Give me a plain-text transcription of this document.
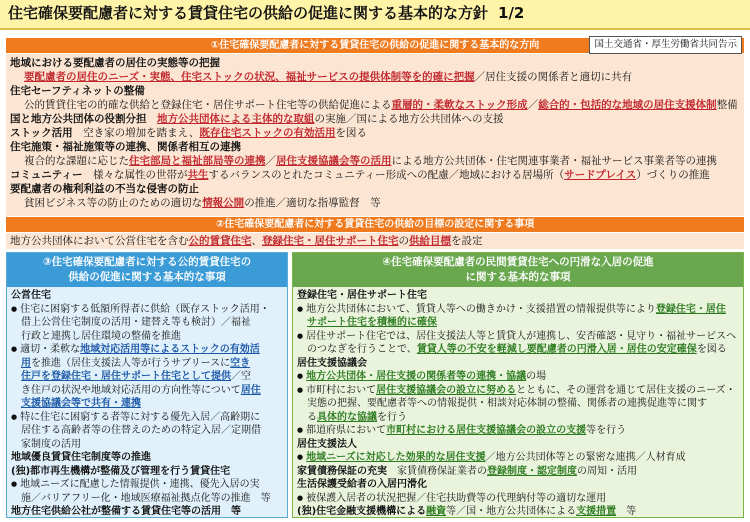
住宅確保要配慮者に対する賃貸住宅の供給の促進に関する基本的な方針 1/2
①住宅確保要配慮者に対する賃貸住宅の供給の促進に関する基本的な方向	国土交通省・厚生労働省共同告示
地域における要配慮者の居住の実態等の把握
要配慮者の居住のニーズ・実態、住宅ストックの状況、福祉サービスの提供体制等を的確に把握／居住支援の関係者と適切に共有
住宅セーフティネットの整備
公的賃貸住宅の的確な供給と登録住宅・居住サポート住宅等の供給促進による重層的・柔軟なストック形成／総合的・包括的な地域の居住支援体制整備
国と地方公共団体の役割分担　 地方公共団体による主体的な取組の実施／国による地方公共団体への支援
ストック活用　 空き家の増加を踏まえ、既存住宅ストックの有効活用を図る
住宅施策・福祉施策等の連携、関係者相互の連携
複合的な課題に応じた住宅部局と福祉部局等の連携／居住支援協議会等の活用による地方公共団体・住宅関連事業者・福祉サービス事業者等の連携
コミュニティー　 様々な属性の世帯が共生するバランスのとれたコミュニティー形成への配慮／地域における居場所（サードプレイス）づくりの推進
要配慮者の権利利益の不当な侵害の防止
貧困ビジネス等の防止のための適切な情報公開の推進／適切な指導監督　等
②住宅確保要配慮者に対する賃貸住宅の供給の目標の設定に関する事項
地方公共団体において公営住宅を含む公的賃貸住宅、登録住宅・居住サポート住宅の供給目標を設定
③住宅確保要配慮者に対する公的賃貸住宅の
供給の促進に関する基本的な事項
公営住宅
● 住宅に困窮する低額所得者に供給（既存ストック活用・
借上公営住宅制度の活用・建替え等も検討）／福祉
行政と連携し居住環境の整備を推進
● 適切・柔軟な地域対応活用等によるストックの有効活
用を推進（居住支援法人等が行うサブリースに空き
住戸を登録住宅・居住サポート住宅として提供／空
き住戸の状況や地域対応活用の方向性等について居住
支援協議会等で共有・連携
● 特に住宅に困窮する者等に対する優先入居／高齢期に
居住する高齢者等の住替えのための特定入居／定期借
家制度の活用
地域優良賃貸住宅制度等の推進
(独)都市再生機構が整備及び管理を行う賃貸住宅
● 地域ニーズに配慮した情報提供・連携、優先入居の実
施／バリアフリー化・地域医療福祉拠点化等の推進　等
地方住宅供給公社が整備する賃貸住宅等の活用　等
④住宅確保要配慮者の民間賃貸住宅への円滑な入居の促進
に関する基本的な事項
登録住宅・居住サポート住宅
● 地方公共団体において、賃貸人等への働きかけ・支援措置の情報提供等により登録住宅・居住
サポート住宅を積極的に確保
● 居住サポート住宅では、居住支援法人等と賃貸人が連携し、安否確認・見守り・福祉サービスへ
のつなぎを行うことで、賃貸人等の不安を軽減し要配慮者の円滑入居・居住の安定確保を図る
居住支援協議会
● 地方公共団体・居住支援の関係者等の連携・協議の場
● 市町村において居住支援協議会の設立に努めるとともに、その運営を通じて居住支援のニーズ・
実態の把握、要配慮者等への情報提供・相談対応体制の整備、関係者の連携促進等に関す
る具体的な協議を行う
● 都道府県において市町村における居住支援協議会の設立の支援等を行う
居住支援法人
● 地域ニーズに対応した効果的な居住支援／地方公共団体等との緊密な連携／人材育成
家賃債務保証の充実　 家賃債務保証業者の登録制度・認定制度の周知・活用
生活保護受給者の入居円滑化
● 被保護入居者の状況把握／住宅扶助費等の代理納付等の適切な運用
(独)住宅金融支援機構による融資等／国・地方公共団体による支援措置　等
